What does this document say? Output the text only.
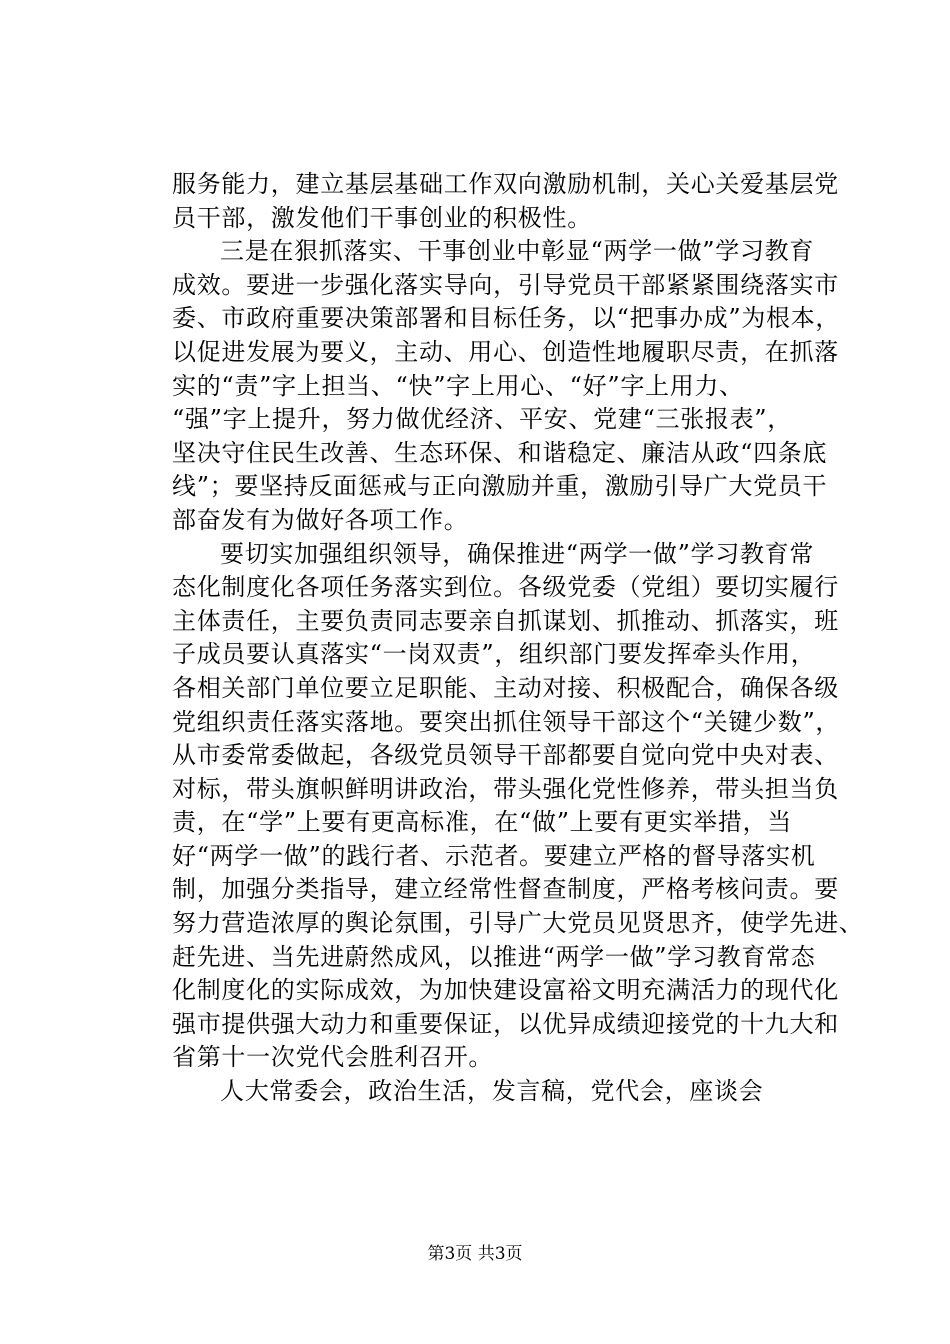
服务能力，建立基层基础工作双向激励机制，关心关爱基层党
员干部，激发他们干事创业的积极性。
三是在狠抓落实、干事创业中彰显“两学一做”学习教育
成效。要进一步强化落实导向，引导党员干部紧紧围绕落实市
委、市政府重要决策部署和目标任务，以“把事办成”为根本，
以促进发展为要义，主动、用心、创造性地履职尽责，在抓落
实的“责”字上担当、“快”字上用心、“好”字上用力、
“强”字上提升，努力做优经济、平安、党建“三张报表”，
坚决守住民生改善、生态环保、和谐稳定、廉洁从政“四条底
线”；要坚持反面惩戒与正向激励并重，激励引导广大党员干
部奋发有为做好各项工作。
要切实加强组织领导，确保推进“两学一做”学习教育常
态化制度化各项任务落实到位。各级党委（党组）要切实履行
主体责任，主要负责同志要亲自抓谋划、抓推动、抓落实，班
子成员要认真落实“一岗双责”，组织部门要发挥牵头作用，
各相关部门单位要立足职能、主动对接、积极配合，确保各级
党组织责任落实落地。要突出抓住领导干部这个“关键少数”，
从市委常委做起，各级党员领导干部都要自觉向党中央对表、
对标，带头旗帜鲜明讲政治，带头强化党性修养，带头担当负
责，在“学”上要有更高标准，在“做”上要有更实举措，当
好“两学一做”的践行者、示范者。要建立严格的督导落实机
制，加强分类指导，建立经常性督查制度，严格考核问责。要
努力营造浓厚的舆论氛围，引导广大党员见贤思齐，使学先进、
赶先进、当先进蔚然成风，以推进“两学一做”学习教育常态
化制度化的实际成效，为加快建设富裕文明充满活力的现代化
强市提供强大动力和重要保证，以优异成绩迎接党的十九大和
省第十一次党代会胜利召开。
人大常委会，政治生活，发言稿，党代会，座谈会
第3页 共3页
